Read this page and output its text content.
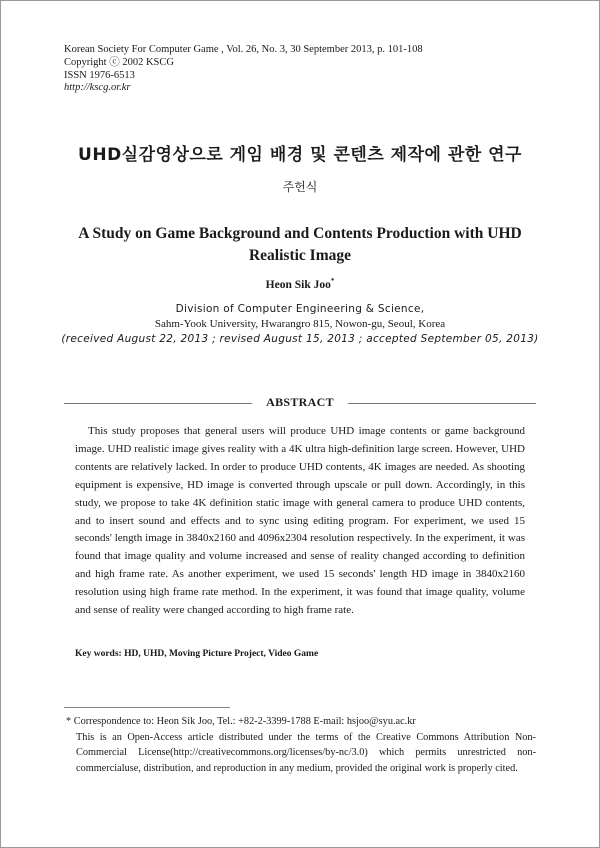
Korean Society For Computer Game , Vol. 26, No. 3, 30 September 2013, p. 101-108
Copyright ⓒ 2002 KSCG
ISSN 1976-6513
http://kscg.or.kr
UHD실감영상으로 게임 배경 및 콘텐츠 제작에 관한 연구
주헌식
A Study on Game Background and Contents Production with UHD Realistic Image
Heon Sik Joo*
Division of Computer Engineering & Science,
Sahm-Yook University, Hwarangro 815, Nowon-gu, Seoul, Korea
(received August 22, 2013 ; revised August 15, 2013 ; accepted September 05, 2013)
ABSTRACT

This study proposes that general users will produce UHD image contents or game background image. UHD realistic image gives reality with a 4K ultra high-definition large screen. However, UHD contents are relatively lacked. In order to produce UHD contents, 4K images are needed. As shooting equipment is expensive, HD image is converted through upscale or pull down. Accordingly, in this study, we propose to take 4K definition static image with general camera to produce UHD contents, and to insert sound and effects and to sync using editing program. For experiment, we used 15 seconds' length image in 3840x2160 and 4096x2304 resolution respectively. In the experiment, it was found that image quality and volume increased and sense of reality changed according to definition and high frame rate. As another experiment, we used 15 seconds' length HD image in 3840x2160 resolution using high frame rate method. In the experiment, it was found that image quality, volume and sense of reality were changed according to high frame rate.

Key words: HD, UHD, Moving Picture Project, Video Game
* Correspondence to: Heon Sik Joo, Tel.: +82-2-3399-1788 E-mail: hsjoo@syu.ac.kr
This is an Open-Access article distributed under the terms of the Creative Commons Attribution Non-Commercial License(http://creativecommons.org/licenses/by-nc/3.0) which permits unrestricted non-commercialuse, distribution, and reproduction in any medium, provided the original work is properly cited.
